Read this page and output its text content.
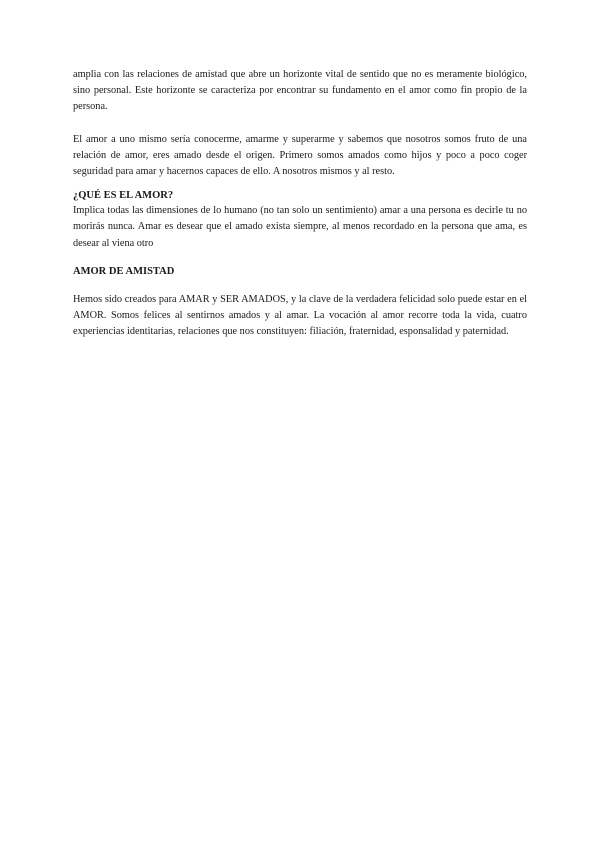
amplia con las relaciones de amistad que abre un horizonte vital de sentido que no es meramente biológico, sino personal. Este horizonte se caracteriza por encontrar su fundamento en el amor como fin propio de la persona.

El amor a uno mismo sería conocerme, amarme y superarme y sabemos que nosotros somos fruto de una relación de amor, eres amado desde el origen. Primero somos amados como hijos y poco a poco coger seguridad para amar y hacernos capaces de ello. A nosotros mismos y al resto.

¿QUÉ ES EL AMOR?

Implica todas las dimensiones de lo humano (no tan solo un sentimiento) amar a una persona es decirle tu no morirás nunca. Amar es desear que el amado exista siempre, al menos recordado en la persona que ama, es desear al viena otro

AMOR DE AMISTAD

Hemos sido creados para AMAR y SER AMADOS, y la clave de la verdadera felicidad solo puede estar en el AMOR. Somos felices al sentirnos amados y al amar. La vocación al amor recorre toda la vida, cuatro experiencias identitarias, relaciones que nos constituyen: filiación, fraternidad, esponsalidad y paternidad.
